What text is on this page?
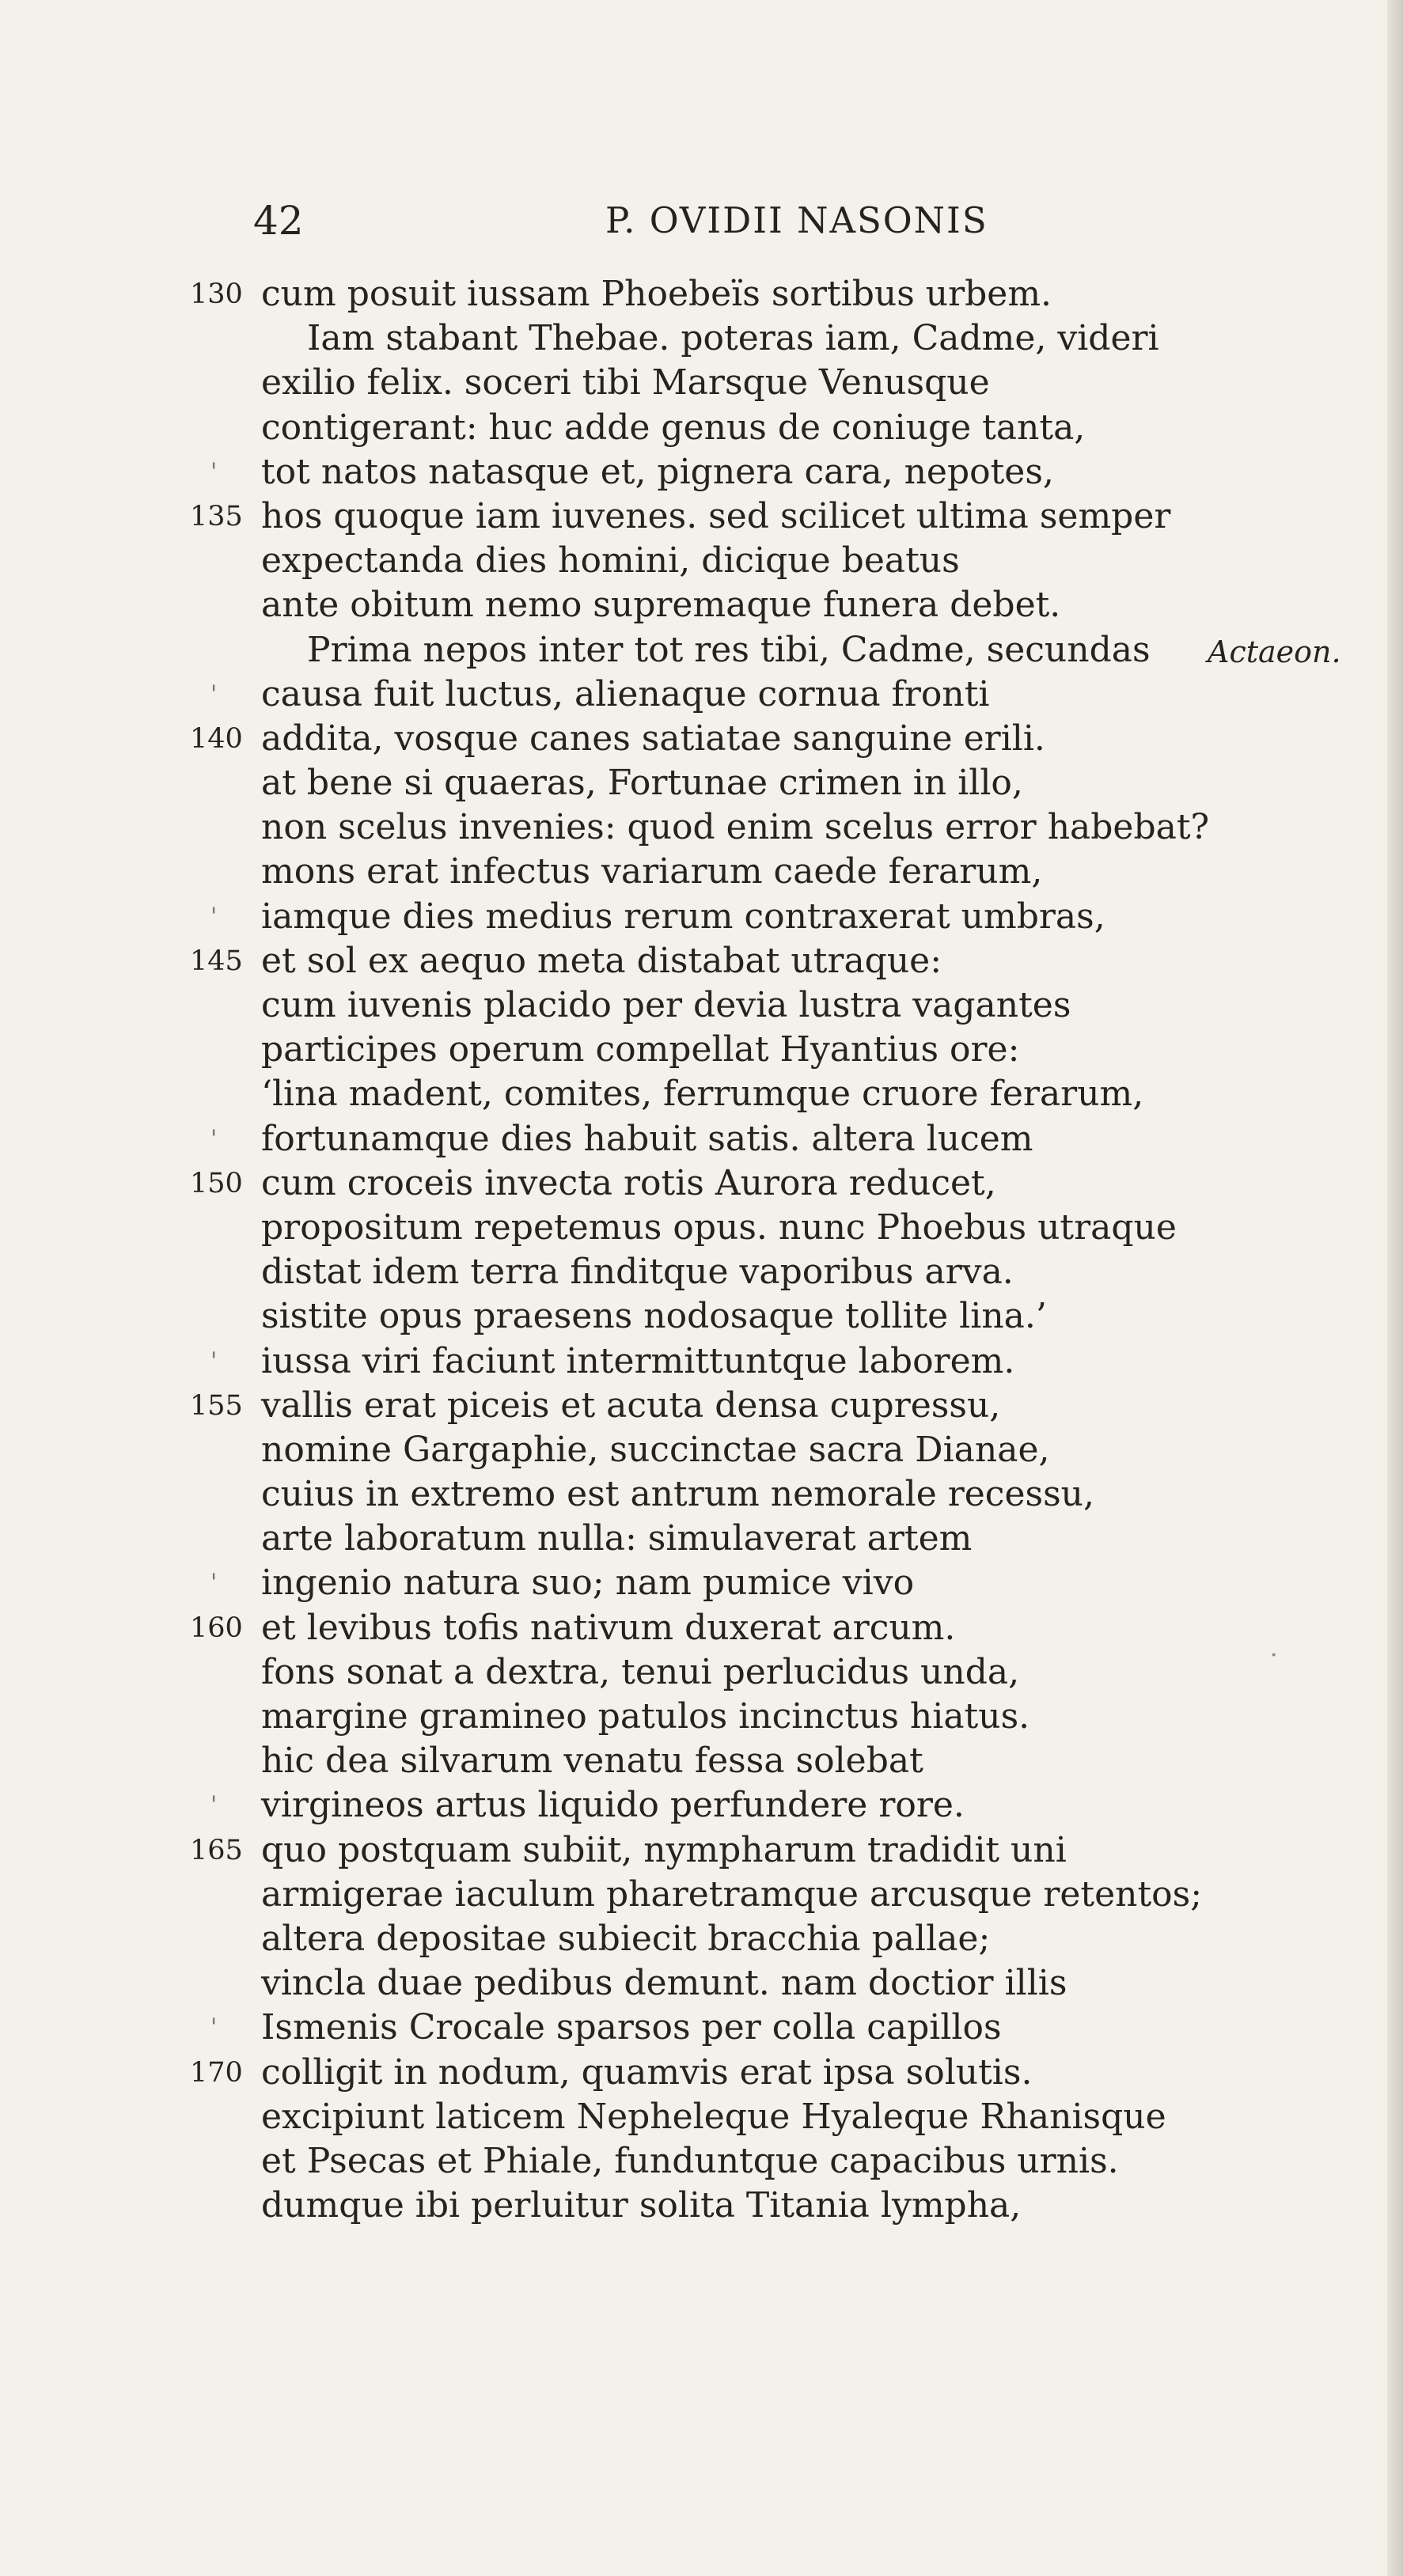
42	P. OVIDII NASONIS
130 cum posuit iussam Phoebeïs sortibus urbem.
Iam stabant Thebae. poteras iam, Cadme, videri
exilio felix. soceri tibi Marsque Venusque
contigerant: huc adde genus de coniuge tanta,
' tot natos natasque et, pignera cara, nepotes,
135 hos quoque iam iuvenes. sed scilicet ultima semper
expectanda dies homini, dicique beatus
ante obitum nemo supremaque funera debet.
Prima nepos inter tot res tibi, Cadme, secundas Actaeon.
' causa fuit luctus, alienaque cornua fronti
140 addita, vosque canes satiatae sanguine erili.
at bene si quaeras, Fortunae crimen in illo,
non scelus invenies: quod enim scelus error habebat?
mons erat infectus variarum caede ferarum,
' iamque dies medius rerum contraxerat umbras,
145 et sol ex aequo meta distabat utraque:
cum iuvenis placido per devia lustra vagantes
participes operum compellat Hyantius ore:
‘lina madent, comites, ferrumque cruore ferarum,
' fortunamque dies habuit satis. altera lucem
150 cum croceis invecta rotis Aurora reducet,
propositum repetemus opus. nunc Phoebus utraque
distat idem terra finditque vaporibus arva.
sistite opus praesens nodosaque tollite lina.’
' iussa viri faciunt intermittuntque laborem.
155 vallis erat piceis et acuta densa cupressu,
nomine Gargaphie, succinctae sacra Dianae,
cuius in extremo est antrum nemorale recessu,
arte laboratum nulla: simulaverat artem
' ingenio natura suo; nam pumice vivo
160 et levibus tofis nativum duxerat arcum.
fons sonat a dextra, tenui perlucidus unda,
margine gramineo patulos incinctus hiatus.
hic dea silvarum venatu fessa solebat
' virgineos artus liquido perfundere rore.
165 quo postquam subiit, nympharum tradidit uni
armigerae iaculum pharetramque arcusque retentos;
altera depositae subiecit bracchia pallae;
vincla duae pedibus demunt. nam doctior illis
' Ismenis Crocale sparsos per colla capillos
170 colligit in nodum, quamvis erat ipsa solutis.
excipiunt laticem Nepheleque Hyaleque Rhanisque
et Psecas et Phiale, funduntque capacibus urnis.
dumque ibi perluitur solita Titania lympha,
·
